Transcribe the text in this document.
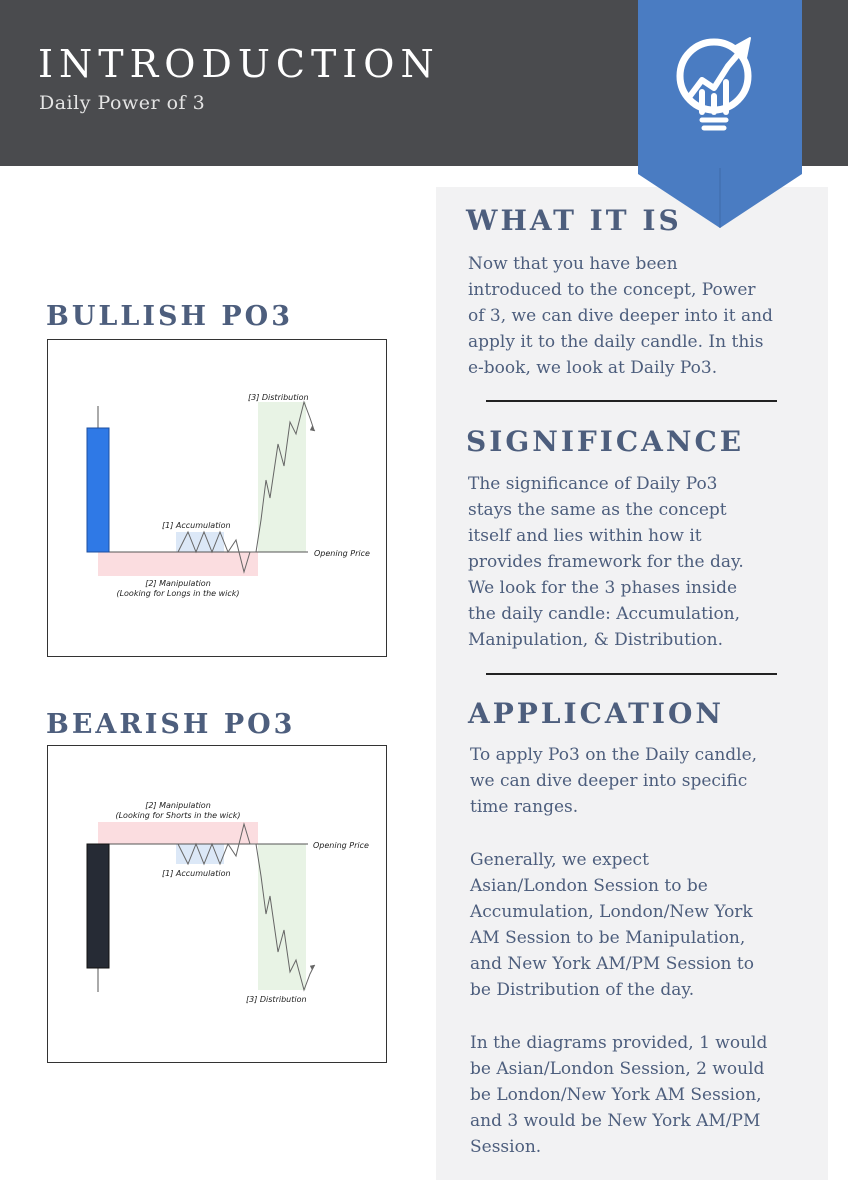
INTRODUCTION
Daily Power of 3
BULLISH PO3
[3] Distribution
[1] Accumulation
Opening Price
[2] Manipulation
(Looking for Longs in the wick)
BEARISH PO3
[2] Manipulation
(Looking for Shorts in the wick)
Opening Price
[1] Accumulation
[3] Distribution
WHAT IT IS
Now that you have been
introduced to the concept, Power
of 3, we can dive deeper into it and
apply it to the daily candle. In this
e-book, we look at Daily Po3.
SIGNIFICANCE
The significance of Daily Po3
stays the same as the concept
itself and lies within how it
provides framework for the day.
We look for the 3 phases inside
the daily candle: Accumulation,
Manipulation, & Distribution.
APPLICATION
To apply Po3 on the Daily candle,
we can dive deeper into specific
time ranges.
Generally, we expect
Asian/London Session to be
Accumulation, London/New York
AM Session to be Manipulation,
and New York AM/PM Session to
be Distribution of the day.
In the diagrams provided, 1 would
be Asian/London Session, 2 would
be London/New York AM Session,
and 3 would be New York AM/PM
Session.
